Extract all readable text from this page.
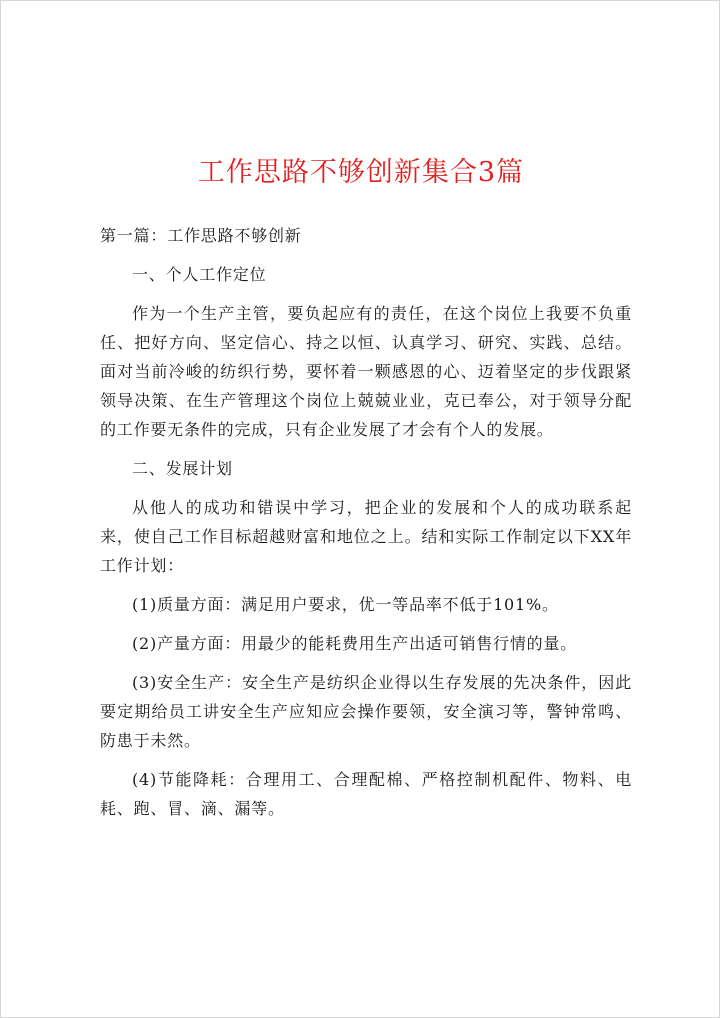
工作思路不够创新集合3篇

第一篇：工作思路不够创新

一、个人工作定位

作为一个生产主管，要负起应有的责任，在这个岗位上我要不负重任、把好方向、坚定信心、持之以恒、认真学习、研究、实践、总结。面对当前冷峻的纺织行势，要怀着一颗感恩的心、迈着坚定的步伐跟紧领导决策、在生产管理这个岗位上兢兢业业，克已奉公，对于领导分配的工作要无条件的完成，只有企业发展了才会有个人的发展。

二、发展计划

从他人的成功和错误中学习，把企业的发展和个人的成功联系起来，使自己工作目标超越财富和地位之上。结和实际工作制定以下XX年工作计划：

(1)质量方面：满足用户要求，优一等品率不低于101%。

(2)产量方面：用最少的能耗费用生产出适可销售行情的量。

(3)安全生产：安全生产是纺织企业得以生存发展的先决条件，因此要定期给员工讲安全生产应知应会操作要领，安全演习等，警钟常鸣、防患于未然。

(4)节能降耗：合理用工、合理配棉、严格控制机配件、物料、电耗、跑、冒、滴、漏等。
